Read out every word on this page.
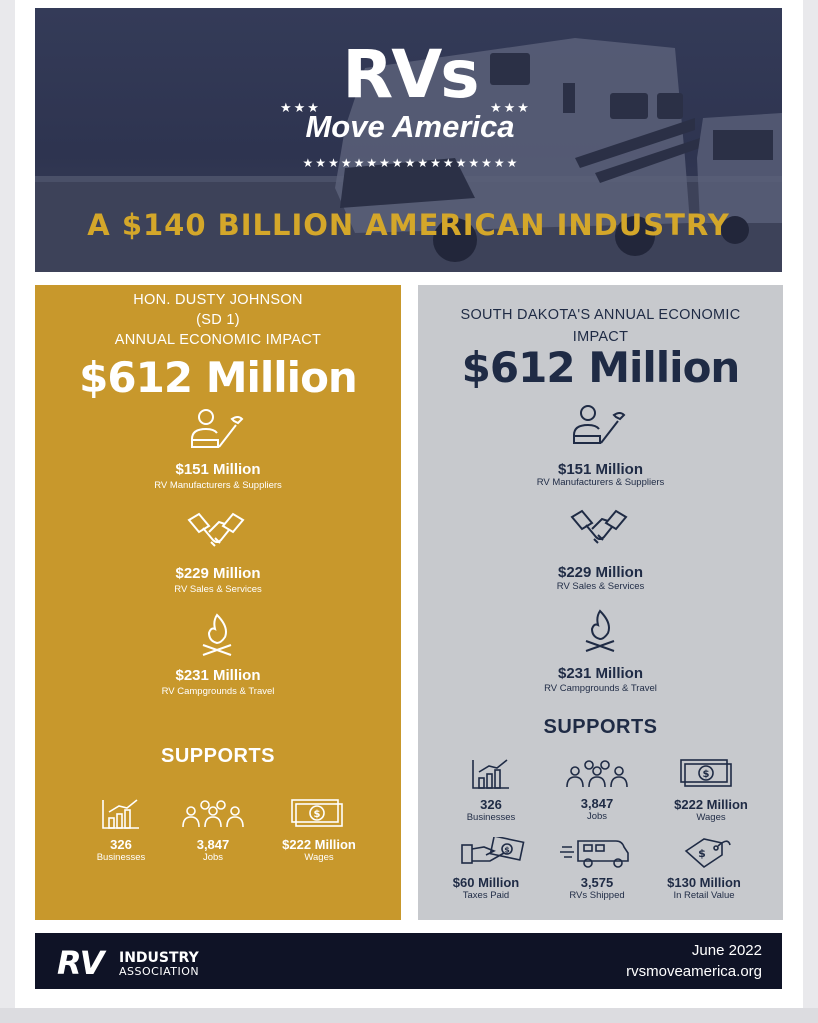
★★★	★★★
RVs
Move America
★★★★★★★★★★★★★★★★★
A $140 BILLION AMERICAN INDUSTRY
HON. DUSTY JOHNSON
(SD 1)
ANNUAL ECONOMIC IMPACT
$612 Million
$151 Million
RV Manufacturers & Suppliers
$229 Million
RV Sales & Services
$231 Million
RV Campgrounds & Travel
SUPPORTS
326
Businesses
3,847
Jobs
$
$222 Million
Wages
SOUTH DAKOTA'S ANNUAL ECONOMIC
IMPACT
$612 Million
$151 Million
RV Manufacturers & Suppliers
$229 Million
RV Sales & Services
$231 Million
RV Campgrounds & Travel
SUPPORTS
326
Businesses
3,847
Jobs
$
$222 Million
Wages
$
$60 Million
Taxes Paid
3,575
RVs Shipped
$
$130 Million
In Retail Value
RV	INDUSTRY
ASSOCIATION
June 2022
rvsmoveamerica.org
